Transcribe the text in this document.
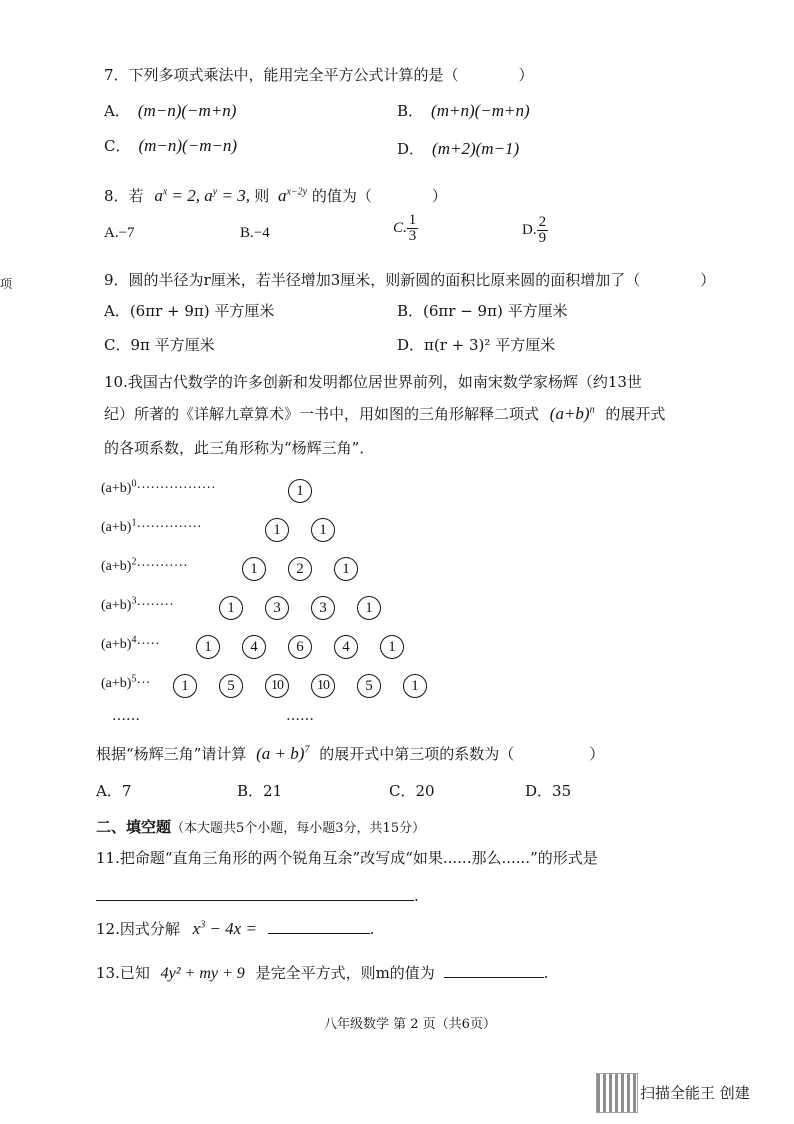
7．下列多项式乘法中，能用完全平方公式计算的是（　　　　）
A． (m−n)(−m+n)	B． (m+n)(−m+n)
C． (m−n)(−m−n)	D． (m+2)(m−1)
8．若 $a^x = 2$, $a^y = 3$, 则 $a^{x-2y}$ 的值为（　　　　）
A.−7	B.−4	C. $\frac{1}{3}$	D. $\frac{2}{9}$
项	9．圆的半径为r厘米，若半径增加3厘米，则新圆的面积比原来圆的面积增加了（　　　　）
A．(6πr + 9π) 平方厘米	B．(6πr − 9π) 平方厘米
C．9π 平方厘米	D．π(r + 3)² 平方厘米
10.我国古代数学的许多创新和发明都位居世界前列，如南宋数学家杨辉（约13世
纪）所著的《详解九章算术》一书中，用如图的三角形解释二项式 $(a+b)^n$ 的展开式
的各项系数，此三角形称为“杨辉三角”．
$(a+b)^0\cdot\cdot\cdot\cdot\cdot\cdot\cdot\cdot\cdot\cdot\cdot\cdot\cdot\cdot\cdot\cdot\cdot$	1
$(a+b)^1\cdot\cdot\cdot\cdot\cdot\cdot\cdot\cdot\cdot\cdot\cdot\cdot\cdot\cdot$	1	1
$(a+b)^2\cdot\cdot\cdot\cdot\cdot\cdot\cdot\cdot\cdot\cdot\cdot$	1	2	1
$(a+b)^3\cdot\cdot\cdot\cdot\cdot\cdot\cdot\cdot$	1	3	3	1
$(a+b)^4\cdot\cdot\cdot\cdot\cdot$	1	4	6	4	1
$(a+b)^5\cdot\cdot\cdot$	1	5	10	10	5	1
……	……
根据“杨辉三角”请计算 $(a + b)^7$ 的展开式中第三项的系数为（　　　　　）
A．7	B．21	C．20	D．35
二、填空题（本大题共5个小题，每小题3分，共15分）
11.把命题“直角三角形的两个锐角互余”改写成“如果......那么......”的形式是
.
12.因式分解 $x^3 - 4x$ =	.
13.已知 4y² + my + 9 是完全平方式，则m的值为	.
八年级数学 第 2 页（共6页）
扫描全能王 创建
